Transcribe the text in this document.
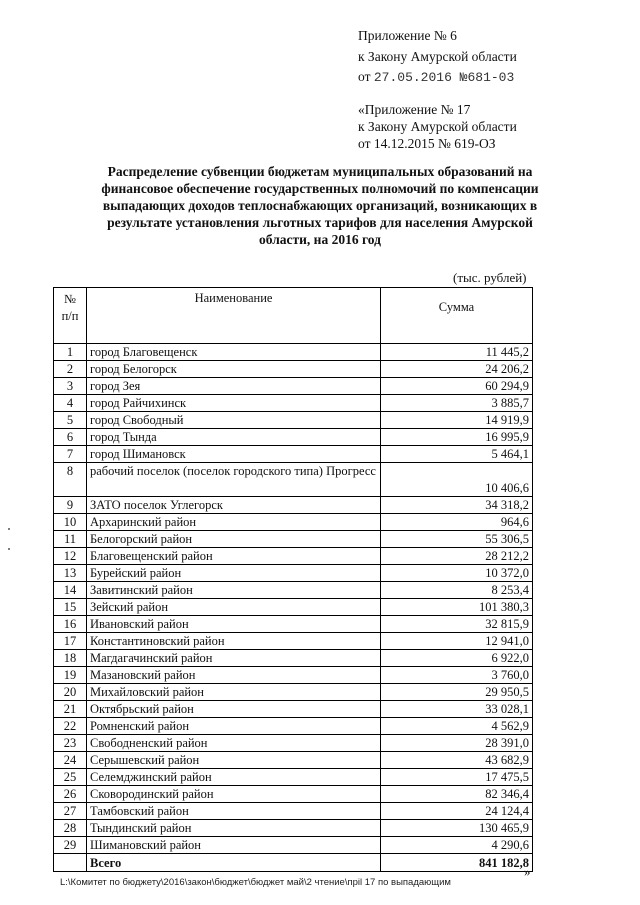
Приложение № 6
к Закону Амурской области
от 27.05.2016 №681-03
«Приложение № 17
к Закону Амурской области
от 14.12.2015 № 619-ОЗ
Распределение субвенции бюджетам муниципальных образований на финансовое обеспечение государственных полномочий по компенсации выпадающих доходов теплоснабжающих организаций, возникающих в результате установления льготных тарифов для населения Амурской области, на 2016 год
(тыс. рублей)
№
п/п	Наименование	Сумма
1	город Благовещенск	11 445,2
2	город Белогорск	24 206,2
3	город Зея	60 294,9
4	город Райчихинск	3 885,7
5	город Свободный	14 919,9
6	город Тында	16 995,9
7	город Шимановск	5 464,1
8	рабочий поселок (поселок городского типа) Прогресс	10 406,6
9	ЗАТО поселок Углегорск	34 318,2
10	Архаринский район	964,6
11	Белогорский район	55 306,5
12	Благовещенский район	28 212,2
13	Бурейский район	10 372,0
14	Завитинский район	8 253,4
15	Зейский район	101 380,3
16	Ивановский район	32 815,9
17	Константиновский район	12 941,0
18	Магдагачинский район	6 922,0
19	Мазановский район	3 760,0
20	Михайловский район	29 950,5
21	Октябрьский район	33 028,1
22	Ромненский район	4 562,9
23	Свободненский район	28 391,0
24	Серышевский район	43 682,9
25	Селемджинский район	17 475,5
26	Сковородинский район	82 346,4
27	Тамбовский район	24 124,4
28	Тындинский район	130 465,9
29	Шимановский район	4 290,6
	Всего	841 182,8
»
L:\Комитет по бюджету\2016\закон\бюджет\бюджет май\2 чтение\прil 17 по выпадающим
